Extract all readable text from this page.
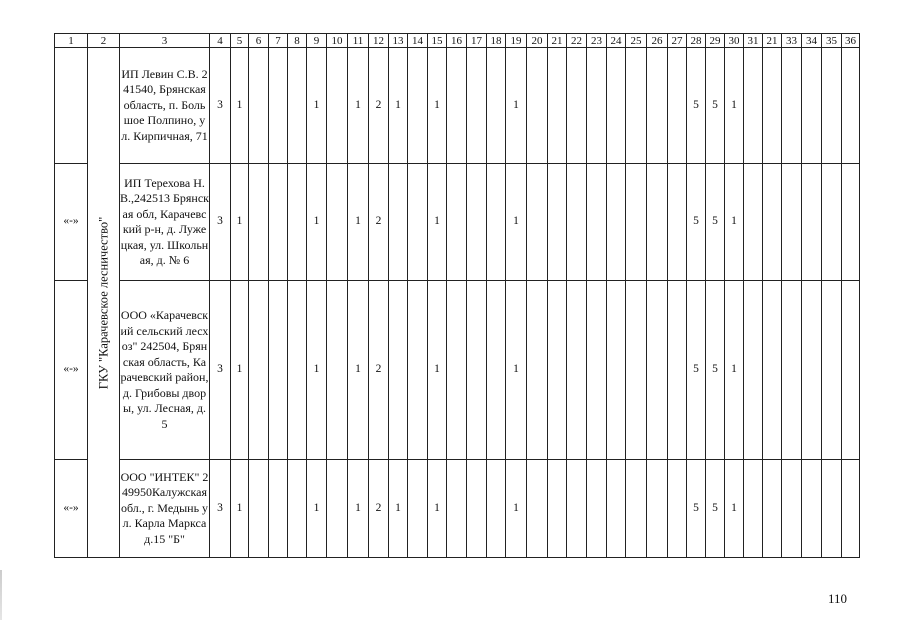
1	2	3	4	5	6	7	8	9	10	11	12	13	14	15	16	17	18	19	20	21	22	23	24	25	26	27	28	29	30	31	21	33	34	35	36

	ГКУ "Карачевское лесничество"	ИП Левин С.В. 241540, Брянская область, п. Большое Полпино, ул. Кирпичная, 71	3	1				1		1	2	1		1				1									5	5	1						
«-»		ИП Терехова Н. В.,242513 Брянская обл, Карачевский р-н, д. Лужецкая, ул. Школьная, д. № 6	3	1				1		1	2			1				1									5	5	1						
«-»		ООО «Карачевский сельский лесхоз" 242504, Брянская область, Карачевский район, д. Грибовы дворы, ул. Лесная, д. 5	3	1				1		1	2			1				1									5	5	1						
«-»		ООО "ИНТЕК" 249950Калужская обл., г. Медынь ул. Карла Маркса д.15 "Б"	3	1				1		1	2	1		1				1									5	5	1						
110
